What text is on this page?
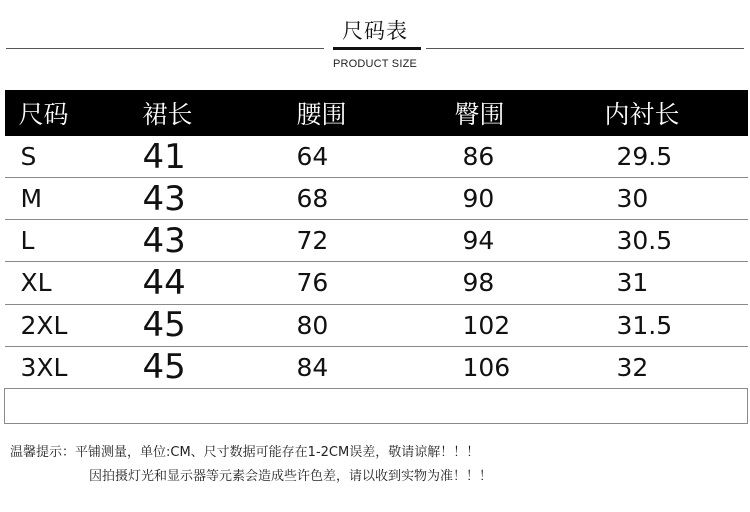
尺码表
PRODUCT SIZE
尺码	裙长	腰围	臀围	内衬长
S	41	64	86	29.5
M	43	68	90	30
L	43	72	94	30.5
XL	44	76	98	31
2XL	45	80	102	31.5
3XL	45	84	106	32

温馨提示：平铺测量，单位:CM、尺寸数据可能存在1-2CM误差，敬请谅解！！！
因拍摄灯光和显示器等元素会造成些许色差，请以收到实物为准！！！
